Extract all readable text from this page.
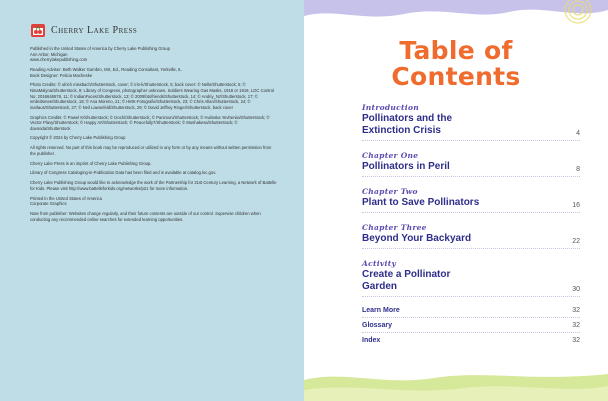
Cherry Lake Press

Published in the United States of America by Cherry Lake Publishing Group
Ann Arbor, Michigan
www.cherrylakepublishing.com

Reading Adviser: Beth Walker Gambro, MS, Ed., Reading Consultant, Yorkville, IL
Book Designer: Felicia Macheske

Photo Credits: © ulrich missbach/Shutterstock, cover; © irin-k/Shutterstock, 5; back cover: © Nello/Shutterstock; 5; © NinaMalyna/Shutterstock, 9; Library of Congress, photographer unknown, Soldiers Wearing Gas Masks, 1918 or 1919, LOC Control No: 2016646578, 11; © IndianFaces/Shutterstock, 13; © 2009fotofriends/Shutterstock, 14; © Andriy_Nz/Shutterstock, 17; © smileitsmee/Shutterstock, 18; © Ana Moreno, 21; © HMK-Fotografie/Shutterstock, 23; © Chris Allan/Shutterstock, 24; © inarlaus/Shutterstock, 27; © Neil Lawonfeld/Shutterstock, 29; © David Jeffrey Ringer/Shutterstock, back cover

Graphics Credits: © Pawel K/Shutterstock; © Izochi/Shutterstock; © Panimoni/Shutterstock; © Hulinska Yevheniia/Shutterstock; © Vector Plavy/Shutterstock; © Happy Art/Shutterstock; © Peacefully7/Shutterstock; © Mushakesa/Shutterstock; © davooda/Shutterstock

Copyright © 2024 by Cherry Lake Publishing Group

All rights reserved. No part of this book may be reproduced or utilized in any form or by any means without written permission from the publisher.

Cherry Lake Press is an imprint of Cherry Lake Publishing Group.

Library of Congress Cataloging-in-Publication Data has been filed and is available at catalog.loc.gov.

Cherry Lake Publishing Group would like to acknowledge the work of the Partnership for 21st Century Learning, a Network of Battelle for Kids. Please visit http://www.battelleforkids.org/networks/p21 for more information.

Printed in the United States of America
Corporate Graphics

Note from publisher: Websites change regularly, and their future contents are outside of our control. Supervise children when conducting any recommended online searches for extended learning opportunities.

Table of
Contents
Introduction
Pollinators and the
Extinction Crisis	4
Chapter One
Pollinators in Peril	8
Chapter Two
Plant to Save Pollinators	16
Chapter Three
Beyond Your Backyard	22
Activity
Create a Pollinator
Garden	30
Learn More	32
Glossary	32
Index	32
